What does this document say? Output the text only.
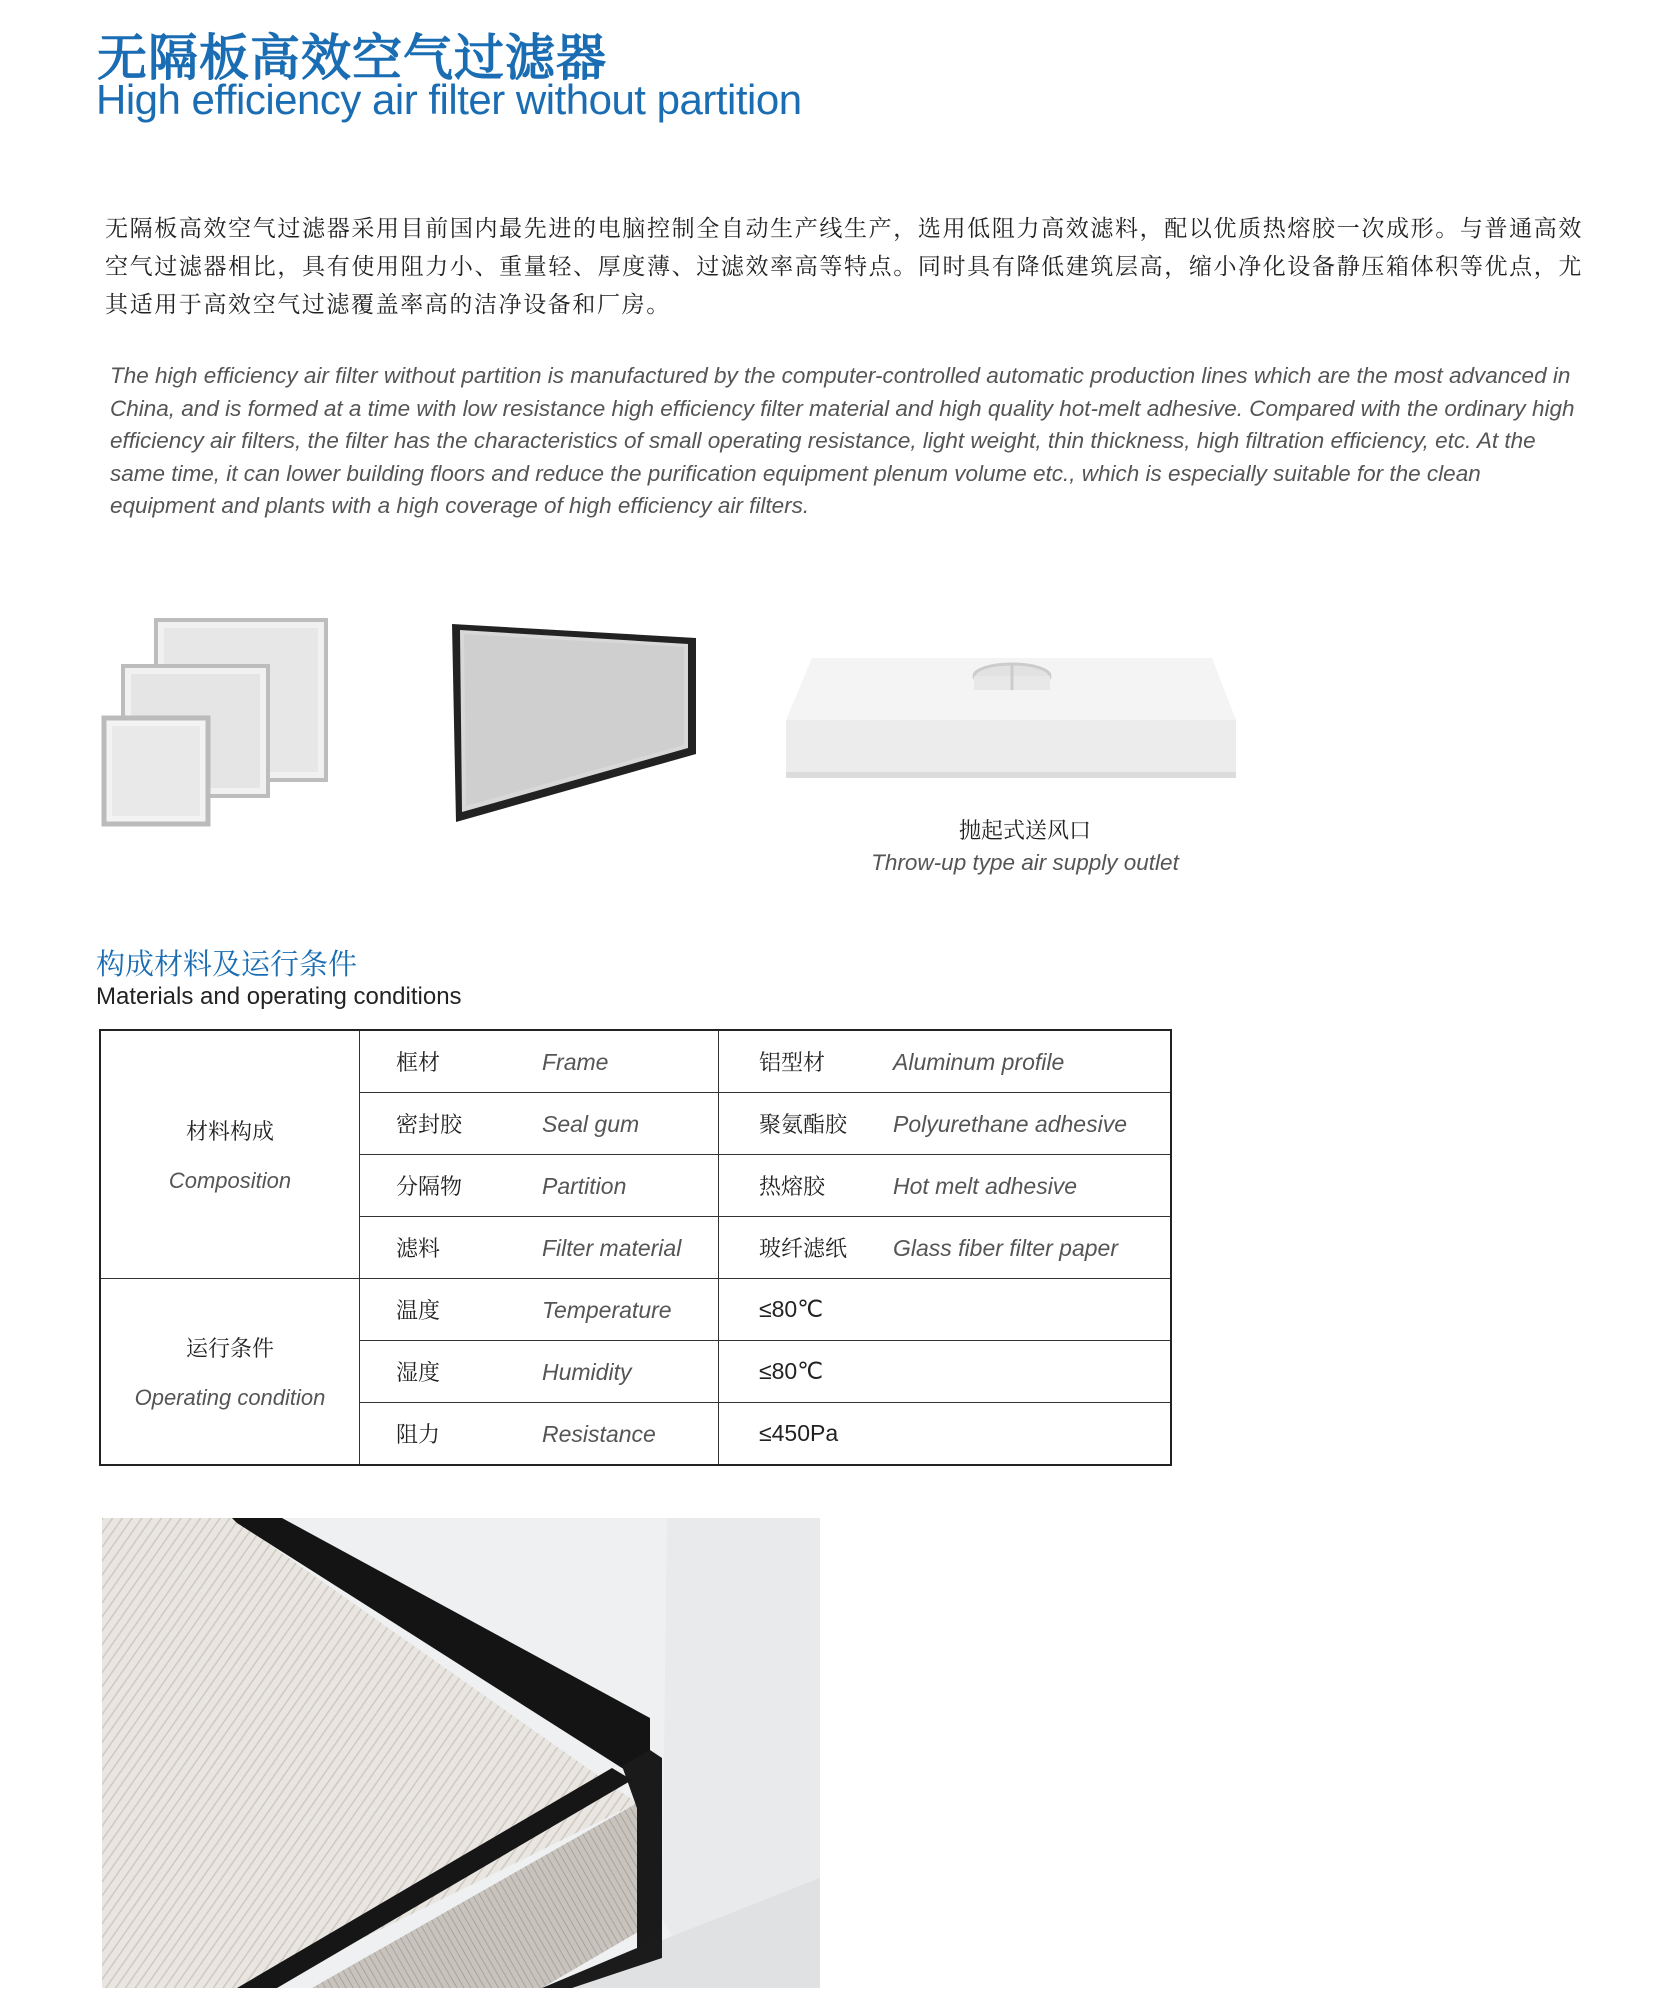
无隔板高效空气过滤器
High efficiency air filter without partition
无隔板高效空气过滤器采用目前国内最先进的电脑控制全自动生产线生产，选用低阻力高效滤料，配以优质热熔胶一次成形。与普通高效空气过滤器相比，具有使用阻力小、重量轻、厚度薄、过滤效率高等特点。同时具有降低建筑层高，缩小净化设备静压箱体积等优点，尤其适用于高效空气过滤覆盖率高的洁净设备和厂房。
The high efficiency air filter without partition is manufactured by the computer-controlled automatic production lines which are the most advanced in China, and is formed at a time with low resistance high efficiency filter material and high quality hot-melt adhesive. Compared with the ordinary high efficiency air filters, the filter has the characteristics of small operating resistance, light weight, thin thickness, high filtration efficiency, etc. At the same time, it can lower building floors and reduce the purification equipment plenum volume etc., which is especially suitable for the clean equipment and plants with a high coverage of high efficiency air filters.
抛起式送风口
Throw-up type air supply outlet
构成材料及运行条件
Materials and operating conditions
材料构成
Composition	框材 Frame	铝型材 Aluminum profile
	密封胶 Seal gum	聚氨酯胶 Polyurethane adhesive
	分隔物 Partition	热熔胶 Hot melt adhesive
	滤料 Filter material	玻纤滤纸 Glass fiber filter paper

运行条件
Operating condition	温度 Temperature	≤80℃
	湿度 Humidity	≤80℃
	阻力 Resistance	≤450Pa
